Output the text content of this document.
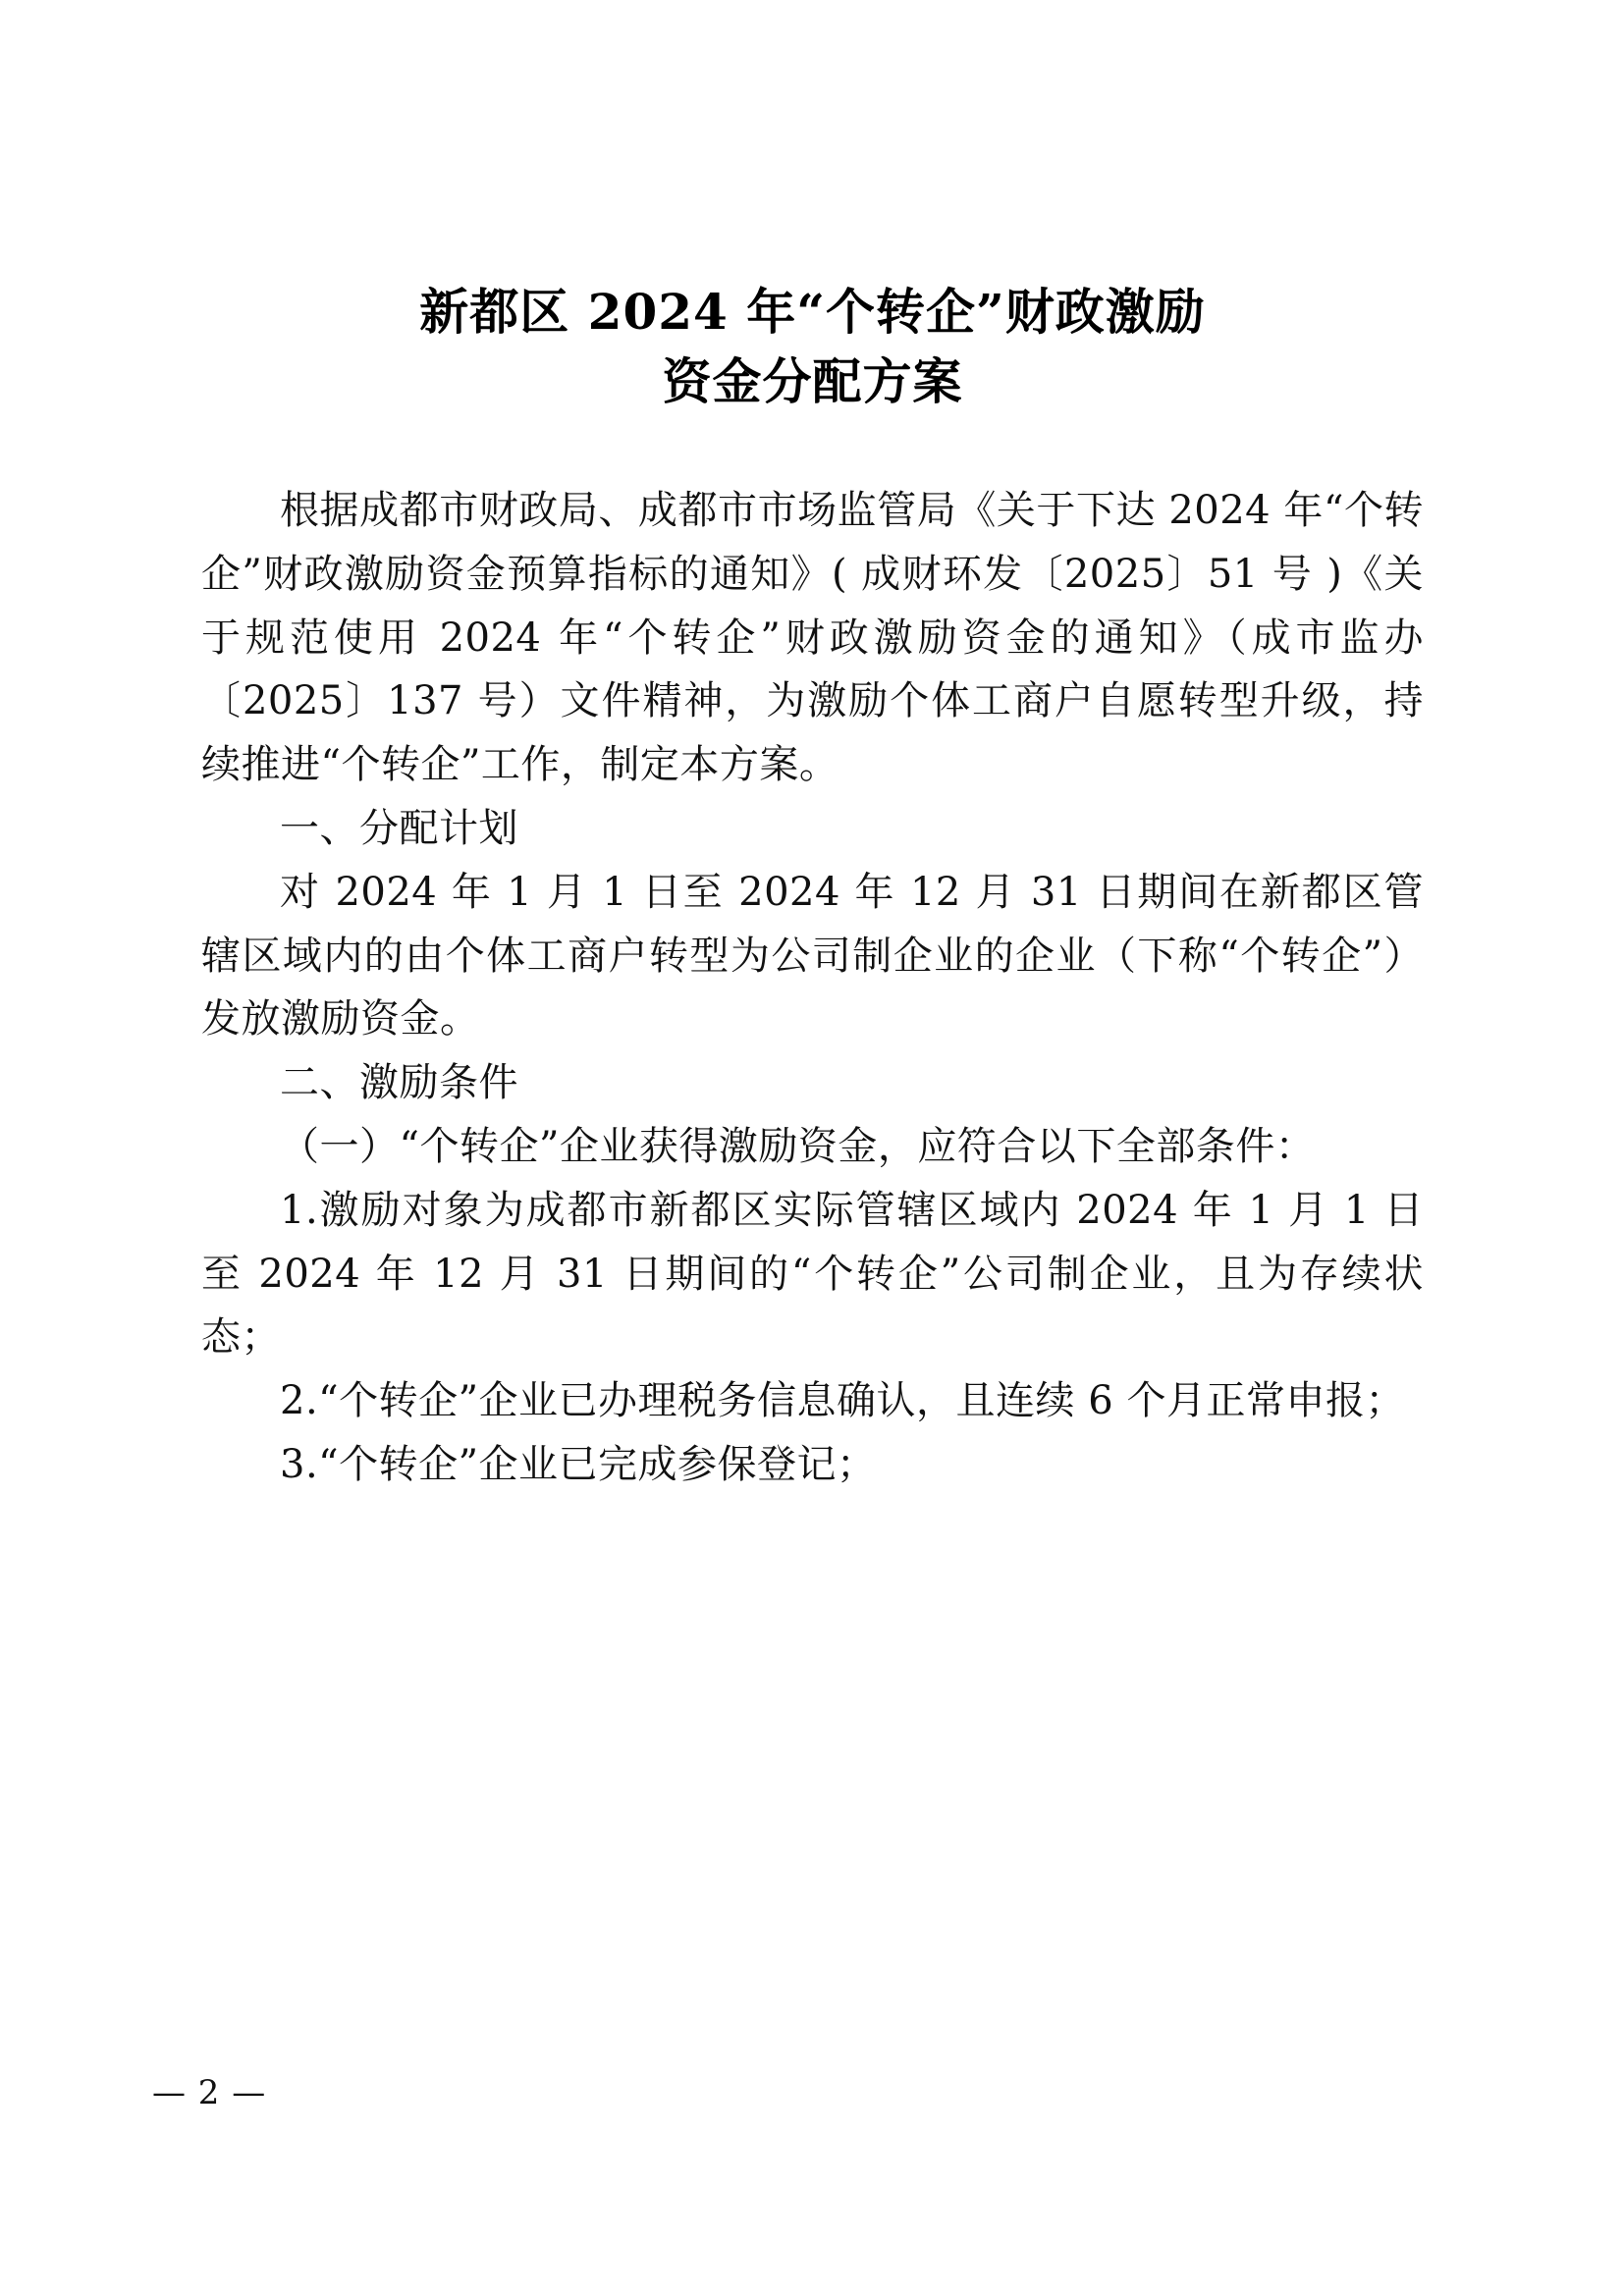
新都区 2024 年“个转企”财政激励
资金分配方案

根据成都市财政局、成都市市场监管局《关于下达 2024 年“个转企”财政激励资金预算指标的通知》( 成财环发〔2025〕51 号 )《关于规范使用 2024 年“个转企”财政激励资金的通知》（成市监办〔2025〕137 号）文件精神，为激励个体工商户自愿转型升级，持续推进“个转企”工作，制定本方案。

一、分配计划

对 2024 年 1 月 1 日至 2024 年 12 月 31 日期间在新都区管辖区域内的由个体工商户转型为公司制企业的企业（下称“个转企”）发放激励资金。

二、激励条件

（一）“个转企”企业获得激励资金，应符合以下全部条件：

1.激励对象为成都市新都区实际管辖区域内 2024 年 1 月 1 日至 2024 年 12 月 31 日期间的“个转企”公司制企业，且为存续状态；

2.“个转企”企业已办理税务信息确认，且连续 6 个月正常申报；

3.“个转企”企业已完成参保登记；

— 2 —
